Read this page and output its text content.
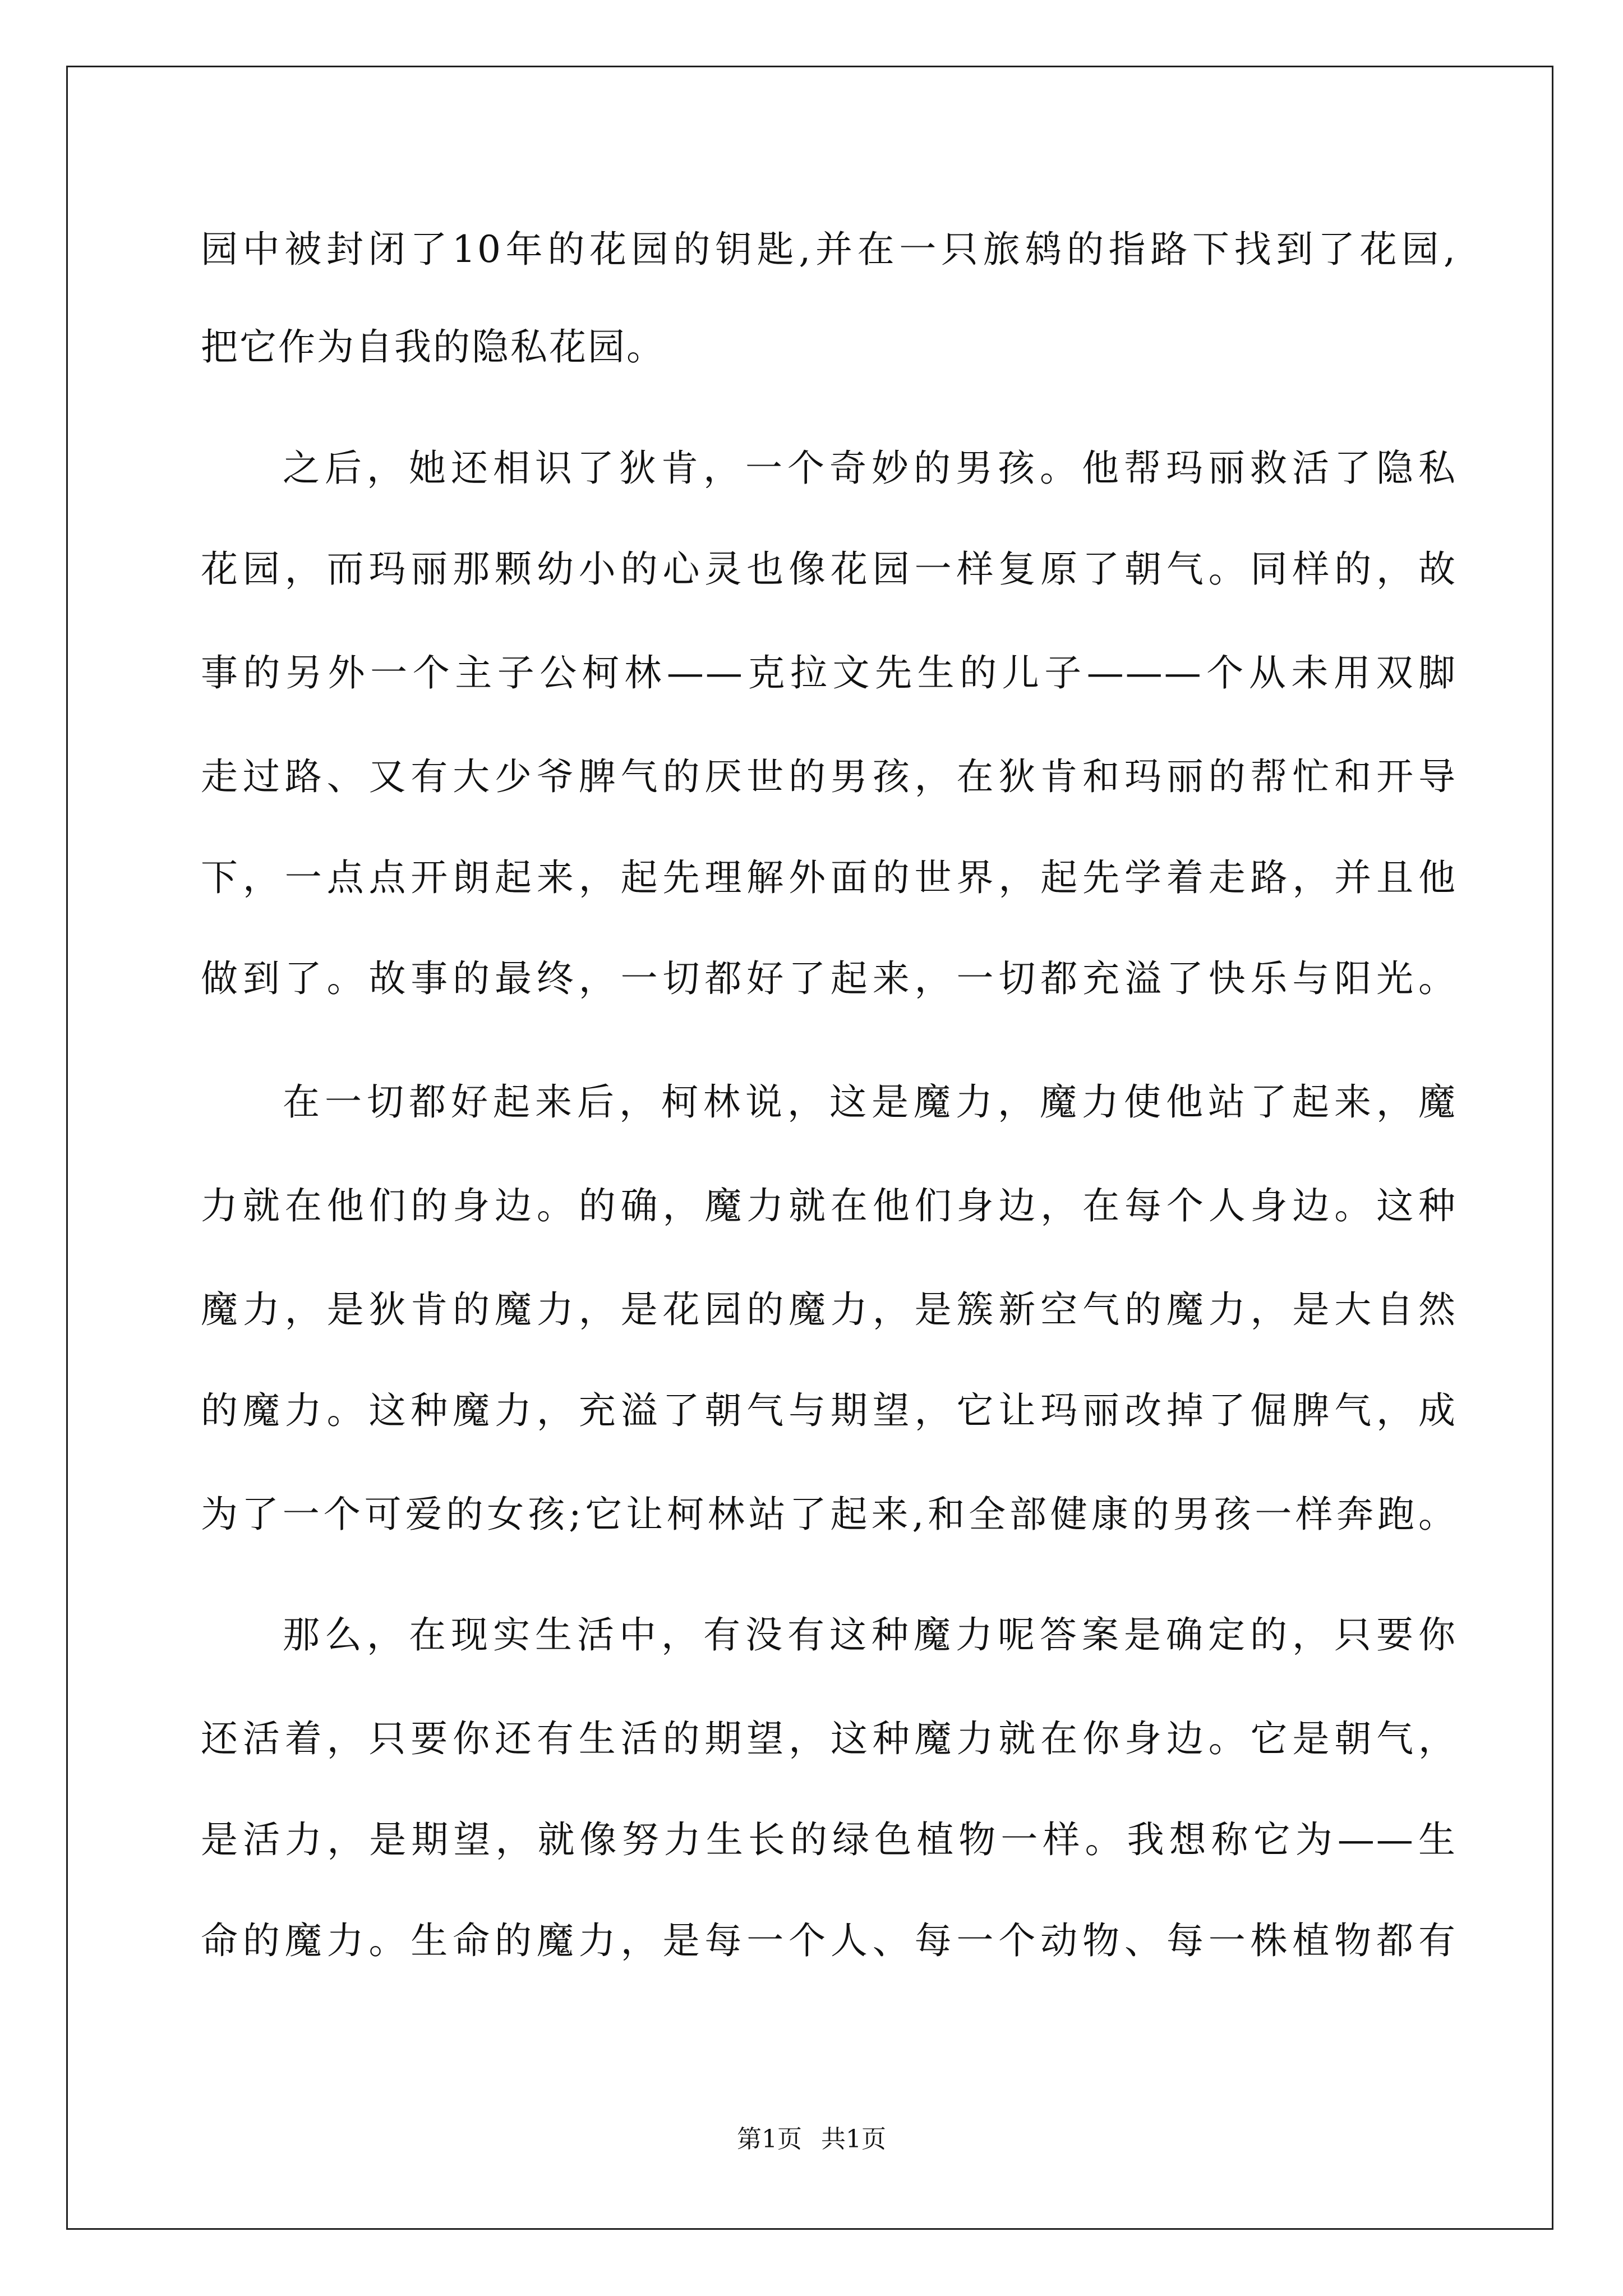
园中被封闭了10年的花园的钥匙,并在一只旅鸫的指路下找到了花园,
把它作为自我的隐私花园。
之后，她还相识了狄肯，一个奇妙的男孩。他帮玛丽救活了隐私
花园，而玛丽那颗幼小的心灵也像花园一样复原了朝气。同样的，故
事的另外一个主子公柯林——克拉文先生的儿子———个从未用双脚
走过路、又有大少爷脾气的厌世的男孩，在狄肯和玛丽的帮忙和开导
下，一点点开朗起来，起先理解外面的世界，起先学着走路，并且他
做到了。故事的最终，一切都好了起来，一切都充溢了快乐与阳光。
在一切都好起来后，柯林说，这是魔力，魔力使他站了起来，魔
力就在他们的身边。的确，魔力就在他们身边，在每个人身边。这种
魔力，是狄肯的魔力，是花园的魔力，是簇新空气的魔力，是大自然
的魔力。这种魔力，充溢了朝气与期望，它让玛丽改掉了倔脾气，成
为了一个可爱的女孩;它让柯林站了起来,和全部健康的男孩一样奔跑。
那么，在现实生活中，有没有这种魔力呢答案是确定的，只要你
还活着，只要你还有生活的期望，这种魔力就在你身边。它是朝气，
是活力，是期望，就像努力生长的绿色植物一样。我想称它为——生
命的魔力。生命的魔力，是每一个人、每一个动物、每一株植物都有
第1页 共1页
